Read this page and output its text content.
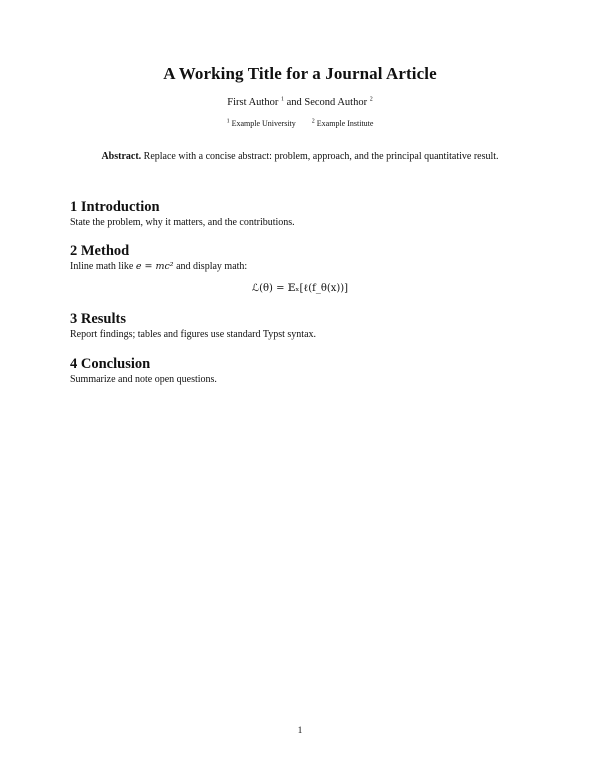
A Working Title for a Journal Article
First Author $^1$ and Second Author $^2$
$^1$ Example University	$^2$ Example Institute
Abstract. Replace with a concise abstract: problem, approach, and the principal quantitative result.
1 Introduction

State the problem, why it matters, and the contributions.

2 Method

Inline math like e = mc² and display math:

ℒ(θ) = 𝔼ₓ[ℓ(f_θ(x))]
3 Results

Report findings; tables and figures use standard Typst syntax.

4 Conclusion

Summarize and note open questions.

1
